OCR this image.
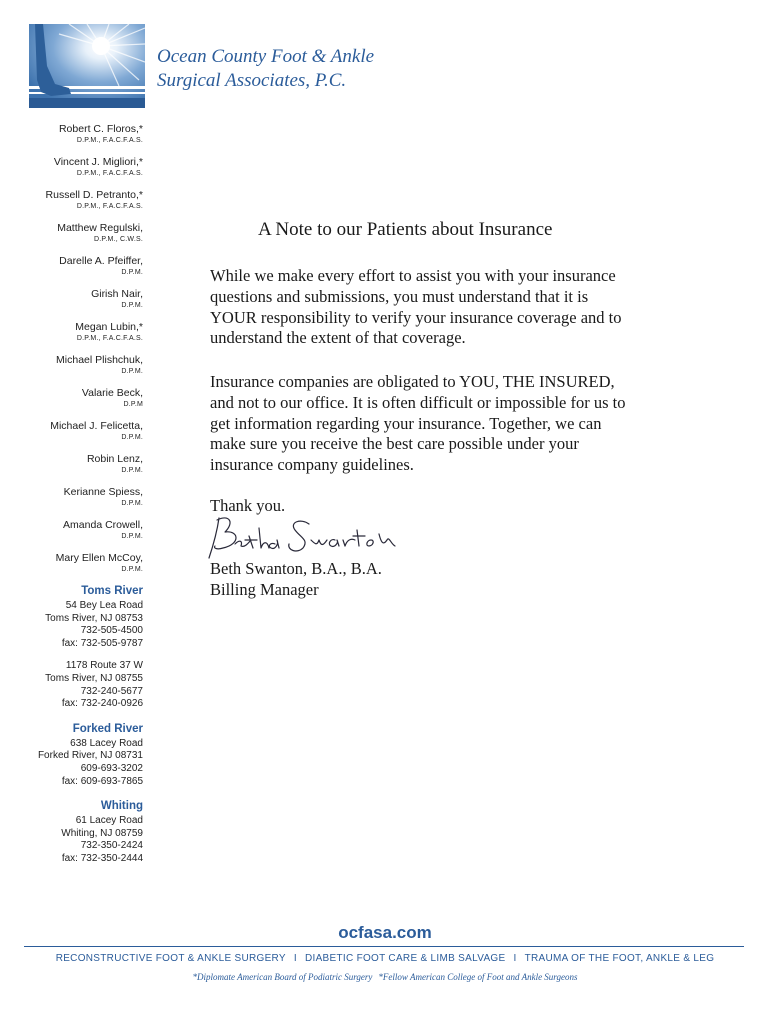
Ocean County Foot & Ankle
Surgical Associates, P.C.
Robert C. Floros,*
D.P.M., F.A.C.F.A.S.
Vincent J. Migliori,*
D.P.M., F.A.C.F.A.S.
Russell D. Petranto,*
D.P.M., F.A.C.F.A.S.
Matthew Regulski,
D.P.M., C.W.S.
Darelle A. Pfeiffer,
D.P.M.
Girish Nair,
D.P.M.
Megan Lubin,*
D.P.M., F.A.C.F.A.S.
Michael Plishchuk,
D.P.M.
Valarie Beck,
D.P.M
Michael J. Felicetta,
D.P.M.
Robin Lenz,
D.P.M.
Kerianne Spiess,
D.P.M.
Amanda Crowell,
D.P.M.
Mary Ellen McCoy,
D.P.M.
Toms River
54 Bey Lea Road
Toms River, NJ 08753
732-505-4500
fax: 732-505-9787
1178 Route 37 W
Toms River, NJ 08755
732-240-5677
fax: 732-240-0926
Forked River
638 Lacey Road
Forked River, NJ 08731
609-693-3202
fax: 609-693-7865
Whiting
61 Lacey Road
Whiting, NJ 08759
732-350-2424
fax: 732-350-2444
A Note to our Patients about Insurance
While we make every effort to assist you with your insurance
questions and submissions, you must understand that it is
YOUR responsibility to verify your insurance coverage and to
understand the extent of that coverage.
Insurance companies are obligated to YOU, THE INSURED,
and not to our office. It is often difficult or impossible for us to
get information regarding your insurance. Together, we can
make sure you receive the best care possible under your
insurance company guidelines.
Thank you.
Beth Swanton, B.A., B.A.
Billing Manager
ocfasa.com
RECONSTRUCTIVE FOOT & ANKLE SURGERY I DIABETIC FOOT CARE & LIMB SALVAGE I TRAUMA OF THE FOOT, ANKLE & LEG
*Diplomate American Board of Podiatric Surgery *Fellow American College of Foot and Ankle Surgeons
